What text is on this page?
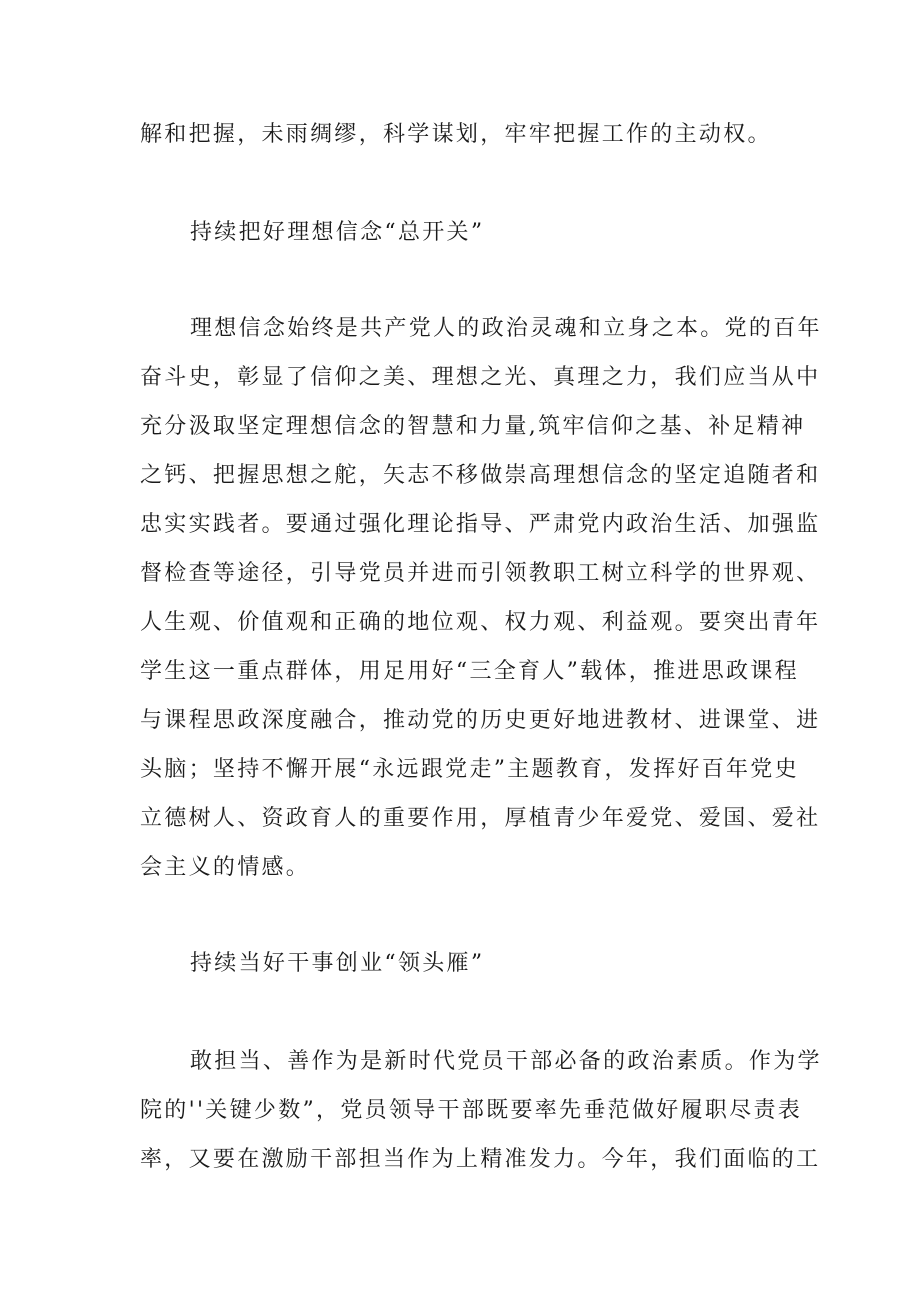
解和把握，未雨绸缪，科学谋划，牢牢把握工作的主动权。
持续把好理想信念“总开关”
理想信念始终是共产党人的政治灵魂和立身之本。党的百年
奋斗史，彰显了信仰之美、理想之光、真理之力，我们应当从中
充分汲取坚定理想信念的智慧和力量,筑牢信仰之基、补足精神
之钙、把握思想之舵，矢志不移做崇高理想信念的坚定追随者和
忠实实践者。要通过强化理论指导、严肃党内政治生活、加强监
督检查等途径，引导党员并进而引领教职工树立科学的世界观、
人生观、价值观和正确的地位观、权力观、利益观。要突出青年
学生这一重点群体，用足用好“三全育人”载体，推进思政课程
与课程思政深度融合，推动党的历史更好地进教材、进课堂、进
头脑；坚持不懈开展“永远跟党走”主题教育，发挥好百年党史
立德树人、资政育人的重要作用，厚植青少年爱党、爱国、爱社
会主义的情感。
持续当好干事创业“领头雁”
敢担当、善作为是新时代党员干部必备的政治素质。作为学
院的''关键少数”，党员领导干部既要率先垂范做好履职尽责表
率，又要在激励干部担当作为上精准发力。今年，我们面临的工
